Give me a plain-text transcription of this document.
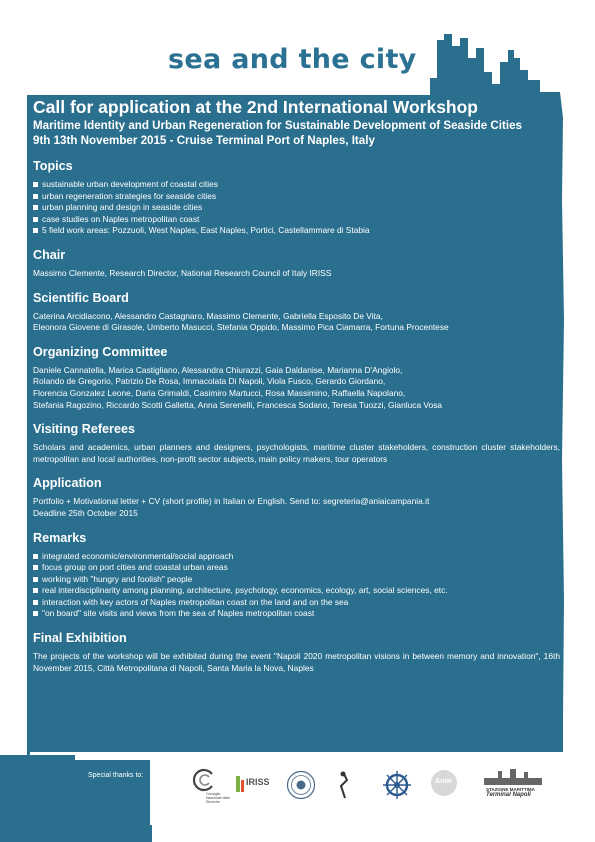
sea and the city

Call for application at the 2nd International Workshop

Maritime Identity and Urban Regeneration for Sustainable Development of Seaside Cities

9th 13th November 2015 - Cruise Terminal Port of Naples, Italy

Topics
sustainable urban development of coastal cities
urban regeneration strategies for seaside cities
urban planning and design in seaside cities
case studies on Naples metropolitan coast
5 field work areas: Pozzuoli, West Naples, East Naples, Portici, Castellammare di Stabia
Chair

Massimo Clemente, Research Director, National Research Council of Italy IRISS

Scientific Board

Caterina Arcidiacono, Alessandro Castagnaro, Massimo Clemente, Gabriella Esposito De Vita,

Eleonora Giovene di Girasole, Umberto Masucci, Stefania Oppido, Massimo Pica Ciamarra, Fortuna Procentese

Organizing Committee

Daniele Cannatella, Marica Castigliano, Alessandra Chiurazzi, Gaia Daldanise, Marianna D'Angiolo,

Rolando de Gregorio, Patrizio De Rosa, Immacolata Di Napoli, Viola Fusco, Gerardo Giordano,

Florencia Gonzalez Leone, Daria Grimaldi, Casimiro Martucci, Rosa Massimino, Raffaella Napolano,

Stefania Ragozino, Riccardo Scotti Galletta, Anna Serenelli, Francesca Sodano, Teresa Tuozzi, Gianluca Vosa

Visiting Referees

Scholars and academics, urban planners and designers, psychologists, maritime cluster stakeholders, construction cluster stakeholders, metropolitan and local authorities, non-profit sector subjects, main policy makers, tour operators

Application

Portfolio + Motivational letter + CV (short profile) in Italian or English. Send to: segreteria@aniaicampania.it

Deadline 25th October 2015

Remarks
integrated economic/environmental/social approach
focus group on port cities and coastal urban areas
working with "hungry and foolish" people
real interdisciplinarity among planning, architecture, psychology, economics, ecology, art, social sciences, etc.
interaction with key actors of Naples metropolitan coast on the land and on the sea
"on board" site visits and views from the sea of Naples metropolitan coast
Final Exhibition

The projects of the workshop will be exhibited during the event "Napoli 2020 metropolitan visions in between memory and innovation", 16th November 2015, Città Metropolitana di Napoli, Santa Maria la Nova, Naples

Special thanks to:
Consiglio Nazionale delle Ricerche
IRISS	Aniai
STAZIONE MARITTIMA
Terminal Napoli
